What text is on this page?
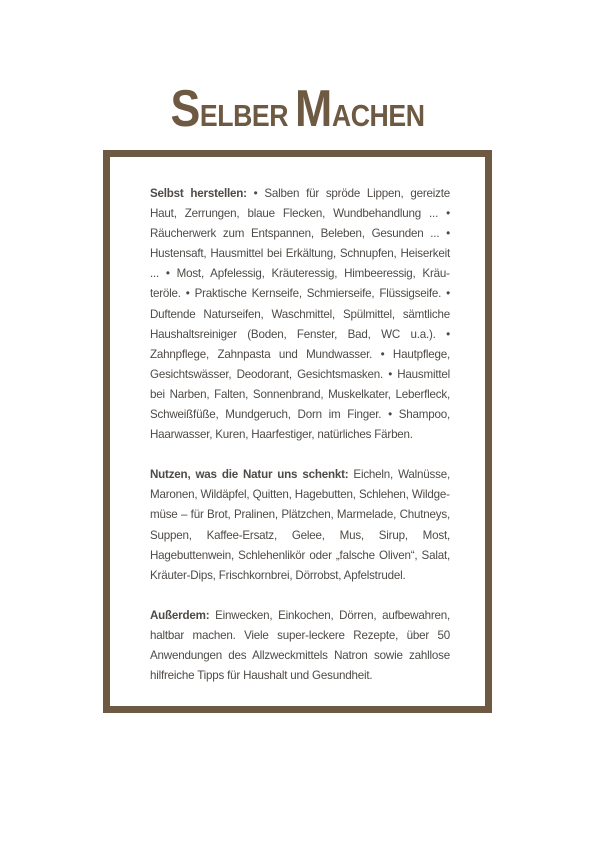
SELBER MACHEN

Selbst herstellen: • Salben für spröde Lippen, gereizte Haut, Zerrungen, blaue Flecken, Wundbehandlung ... • Räucherwerk zum Entspannen, Beleben, Gesunden ... • Hustensaft, Hausmittel bei Erkältung, Schnupfen, Heiserkeit ... • Most, Apfelessig, Kräuteressig, Himbeeressig, Kräuteröle. • Praktische Kernseife, Schmierseife, Flüssigseife. • Duftende Naturseifen, Waschmittel, Spülmittel, sämtliche Haushaltsreiniger (Boden, Fenster, Bad, WC u.a.). • Zahnpflege, Zahnpasta und Mundwasser. • Hautpflege, Gesichtswässer, Deodorant, Gesichtsmasken. • Hausmittel bei Narben, Falten, Sonnenbrand, Muskelkater, Leberfleck, Schweißfüße, Mundgeruch, Dorn im Finger. • Shampoo, Haarwasser, Kuren, Haarfestiger, natürliches Färben.

Nutzen, was die Natur uns schenkt: Eicheln, Walnüsse, Maronen, Wildäpfel, Quitten, Hagebutten, Schlehen, Wildgemüse – für Brot, Pralinen, Plätzchen, Marmelade, Chutneys, Suppen, Kaffee-Ersatz, Gelee, Mus, Sirup, Most, Hagebuttenwein, Schlehenlikör oder „falsche Oliven“, Salat, Kräuter-Dips, Frischkornbrei, Dörrobst, Apfelstrudel.

Außerdem: Einwecken, Einkochen, Dörren, aufbewahren, haltbar machen. Viele super-leckere Rezepte, über 50 Anwendungen des Allzweckmittels Natron sowie zahllose hilfreiche Tipps für Haushalt und Gesundheit.
